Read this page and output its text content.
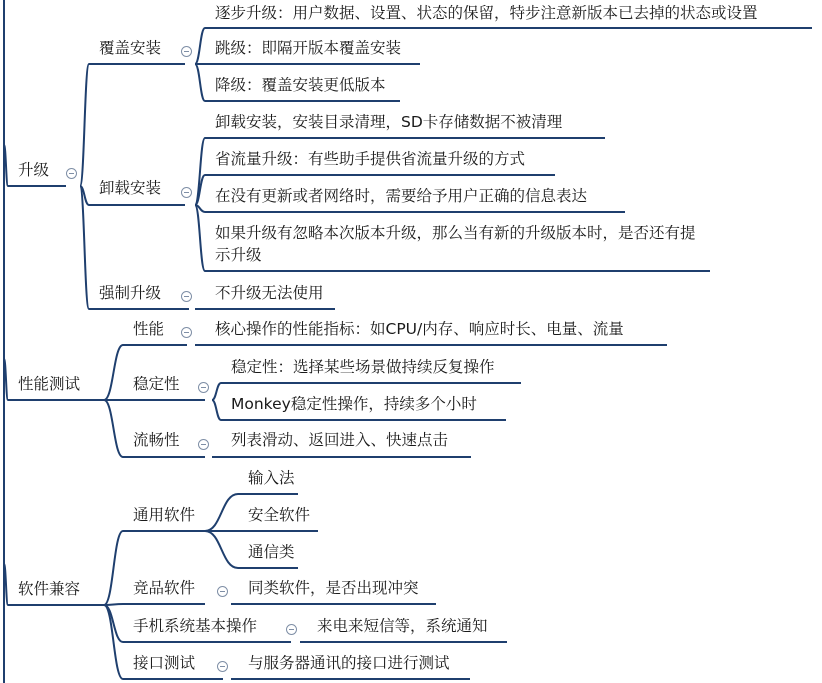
升级
覆盖安装
逐步升级：用户数据、设置、状态的保留，特步注意新版本已去掉的状态或设置
跳级：即隔开版本覆盖安装
降级：覆盖安装更低版本
卸载安装
卸载安装，安装目录清理，SD卡存储数据不被清理
省流量升级：有些助手提供省流量升级的方式
在没有更新或者网络时，需要给予用户正确的信息表达
如果升级有忽略本次版本升级，那么当有新的升级版本时，是否还有提示升级
强制升级	不升级无法使用
性能测试
性能	核心操作的性能指标：如CPU/内存、响应时长、电量、流量
稳定性
稳定性：选择某些场景做持续反复操作
Monkey稳定性操作，持续多个小时
流畅性	列表滑动、返回进入、快速点击
软件兼容
通用软件
输入法
安全软件
通信类
竞品软件	同类软件，是否出现冲突
手机系统基本操作	来电来短信等，系统通知
接口测试	与服务器通讯的接口进行测试
